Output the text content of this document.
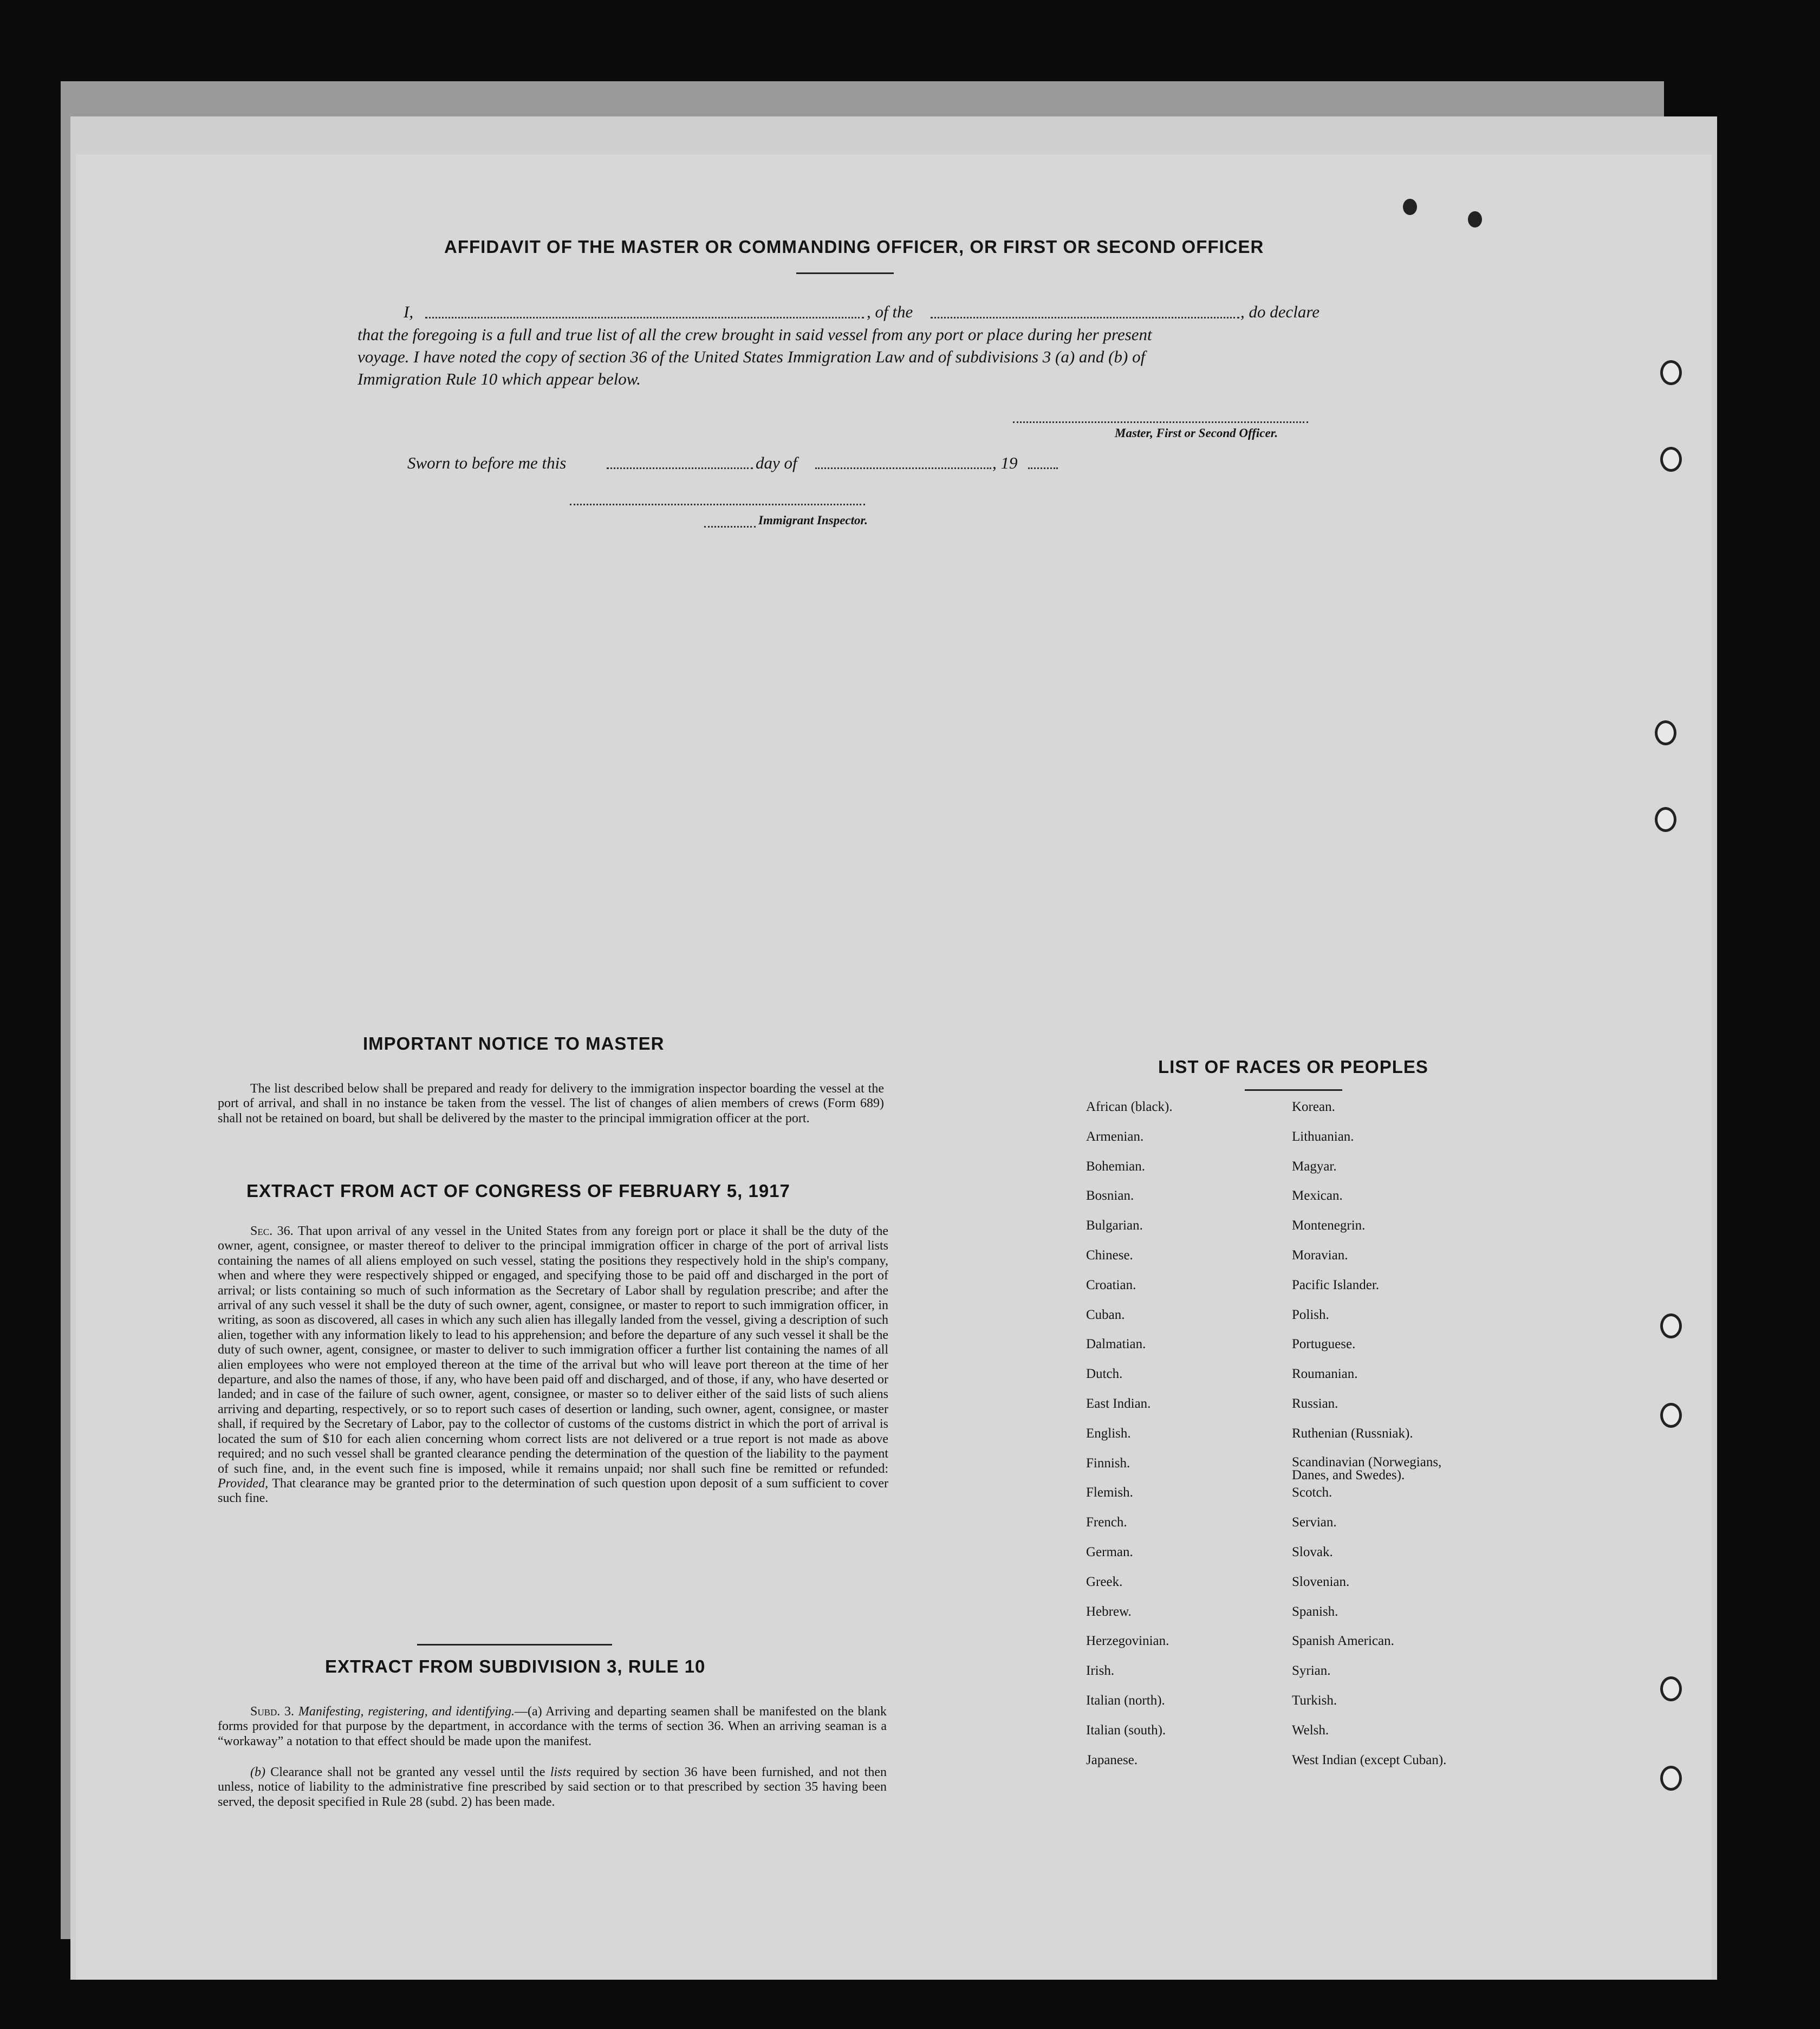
AFFIDAVIT OF THE MASTER OR COMMANDING OFFICER, OR FIRST OR SECOND OFFICER
I,	, of the	, do declare
that the foregoing is a full and true list of all the crew brought in said vessel from any port or place during her present
voyage. I have noted the copy of section 36 of the United States Immigration Law and of subdivisions 3 (a) and (b) of
Immigration Rule 10 which appear below.
Master, First or Second Officer.
Sworn to before me this	day of	, 19
Immigrant Inspector.
IMPORTANT NOTICE TO MASTER
The list described below shall be prepared and ready for delivery to the immigration inspector boarding the vessel at the port of arrival, and shall in no instance be taken from the vessel. The list of changes of alien members of crews (Form 689) shall not be retained on board, but shall be delivered by the master to the principal immigration officer at the port.
EXTRACT FROM ACT OF CONGRESS OF FEBRUARY 5, 1917
Sec. 36. That upon arrival of any vessel in the United States from any foreign port or place it shall be the duty of the owner, agent, consignee, or master thereof to deliver to the principal immigration officer in charge of the port of arrival lists containing the names of all aliens employed on such vessel, stating the positions they respectively hold in the ship's company, when and where they were respectively shipped or engaged, and specifying those to be paid off and discharged in the port of arrival; or lists containing so much of such information as the Secretary of Labor shall by regulation prescribe; and after the arrival of any such vessel it shall be the duty of such owner, agent, consignee, or master to report to such immigration officer, in writing, as soon as discovered, all cases in which any such alien has illegally landed from the vessel, giving a description of such alien, together with any information likely to lead to his apprehension; and before the departure of any such vessel it shall be the duty of such owner, agent, consignee, or master to deliver to such immigration officer a further list containing the names of all alien employees who were not employed thereon at the time of the arrival but who will leave port thereon at the time of her departure, and also the names of those, if any, who have been paid off and discharged, and of those, if any, who have deserted or landed; and in case of the failure of such owner, agent, consignee, or master so to deliver either of the said lists of such aliens arriving and departing, respectively, or so to report such cases of desertion or landing, such owner, agent, consignee, or master shall, if required by the Secretary of Labor, pay to the collector of customs of the customs district in which the port of arrival is located the sum of $10 for each alien concerning whom correct lists are not delivered or a true report is not made as above required; and no such vessel shall be granted clearance pending the determination of the question of the liability to the payment of such fine, and, in the event such fine is imposed, while it remains unpaid; nor shall such fine be remitted or refunded: Provided, That clearance may be granted prior to the determination of such question upon deposit of a sum sufficient to cover such fine.
EXTRACT FROM SUBDIVISION 3, RULE 10
Subd. 3. Manifesting, registering, and identifying.—(a) Arriving and departing seamen shall be manifested on the blank forms provided for that purpose by the department, in accordance with the terms of section 36. When an arriving seaman is a “workaway” a notation to that effect should be made upon the manifest.
(b) Clearance shall not be granted any vessel until the lists required by section 36 have been furnished, and not then unless, notice of liability to the administrative fine prescribed by said section or to that prescribed by section 35 having been served, the deposit specified in Rule 28 (subd. 2) has been made.
LIST OF RACES OR PEOPLES
African (black).	Korean.
Armenian.	Lithuanian.
Bohemian.	Magyar.
Bosnian.	Mexican.
Bulgarian.	Montenegrin.
Chinese.	Moravian.
Croatian.	Pacific Islander.
Cuban.	Polish.
Dalmatian.	Portuguese.
Dutch.	Roumanian.
East Indian.	Russian.
English.	Ruthenian (Russniak).
Finnish.	Scandinavian (Norwegians, Danes, and Swedes).
Flemish.	Scotch.
French.	Servian.
German.	Slovak.
Greek.	Slovenian.
Hebrew.	Spanish.
Herzegovinian.	Spanish American.
Irish.	Syrian.
Italian (north).	Turkish.
Italian (south).	Welsh.
Japanese.	West Indian (except Cuban).
